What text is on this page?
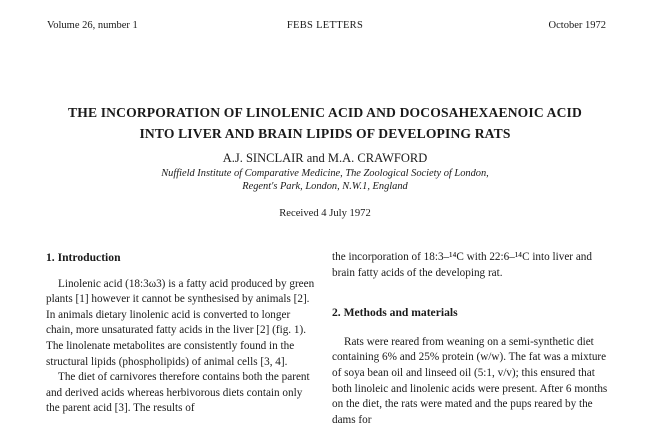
Volume 26, number 1	FEBS LETTERS	October 1972
THE INCORPORATION OF LINOLENIC ACID AND DOCOSAHEXAENOIC ACID
INTO LIVER AND BRAIN LIPIDS OF DEVELOPING RATS
A.J. SINCLAIR and M.A. CRAWFORD
Nuffield Institute of Comparative Medicine, The Zoological Society of London,
Regent's Park, London, N.W.1, England
Received 4 July 1972

1. Introduction

Linolenic acid (18:3ω3) is a fatty acid produced by green plants [1] however it cannot be synthesised by animals [2]. In animals dietary linolenic acid is converted to longer chain, more unsaturated fatty acids in the liver [2] (fig. 1). The linolenate metabolites are consistently found in the structural lipids (phospholipids) of animal cells [3, 4].

The diet of carnivores therefore contains both the parent and derived acids whereas herbivorous diets contain only the parent acid [3]. The results of

the incorporation of 18:3–¹⁴C with 22:6–¹⁴C into liver and brain fatty acids of the developing rat.

2. Methods and materials

Rats were reared from weaning on a semi-synthetic diet containing 6% and 25% protein (w/w). The fat was a mixture of soya bean oil and linseed oil (5:1, v/v); this ensured that both linoleic and linolenic acids were present. After 6 months on the diet, the rats were mated and the pups reared by the dams for
